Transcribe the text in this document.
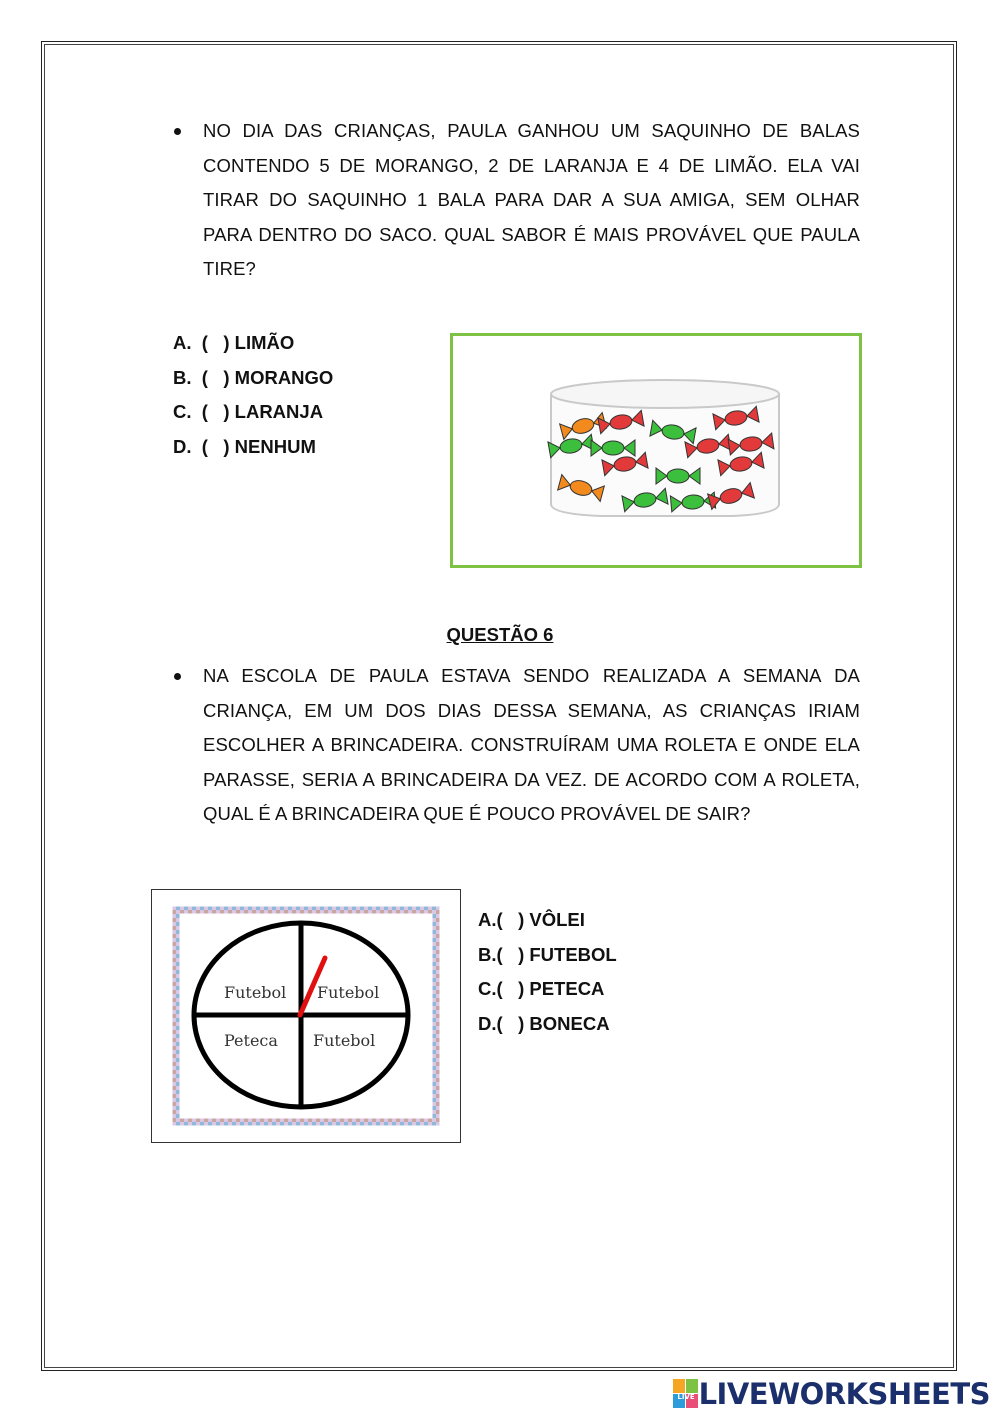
NO DIA DAS CRIANÇAS, PAULA GANHOU UM SAQUINHO DE BALAS CONTENDO 5 DE MORANGO, 2 DE LARANJA E 4 DE LIMÃO. ELA VAI TIRAR DO SAQUINHO 1 BALA PARA DAR A SUA AMIGA, SEM OLHAR PARA DENTRO DO SACO. QUAL SABOR É MAIS PROVÁVEL QUE PAULA TIRE?
A.  (   ) LIMÃO
B.  (   ) MORANGO
C.  (   ) LARANJA
D.  (   ) NENHUM
QUESTÃO 6
NA ESCOLA DE PAULA ESTAVA SENDO REALIZADA A SEMANA DA CRIANÇA, EM UM DOS DIAS DESSA SEMANA, AS CRIANÇAS IRIAM ESCOLHER A BRINCADEIRA. CONSTRUÍRAM UMA ROLETA E ONDE ELA PARASSE, SERIA A BRINCADEIRA DA VEZ. DE ACORDO COM A ROLETA, QUAL É A BRINCADEIRA QUE É POUCO PROVÁVEL DE SAIR?
Futebol Futebol
Peteca Futebol
A.(   ) VÔLEI
B.(   ) FUTEBOL
C.(   ) PETECA
D.(   ) BONECA
LIVE LIVEWORKSHEETS
